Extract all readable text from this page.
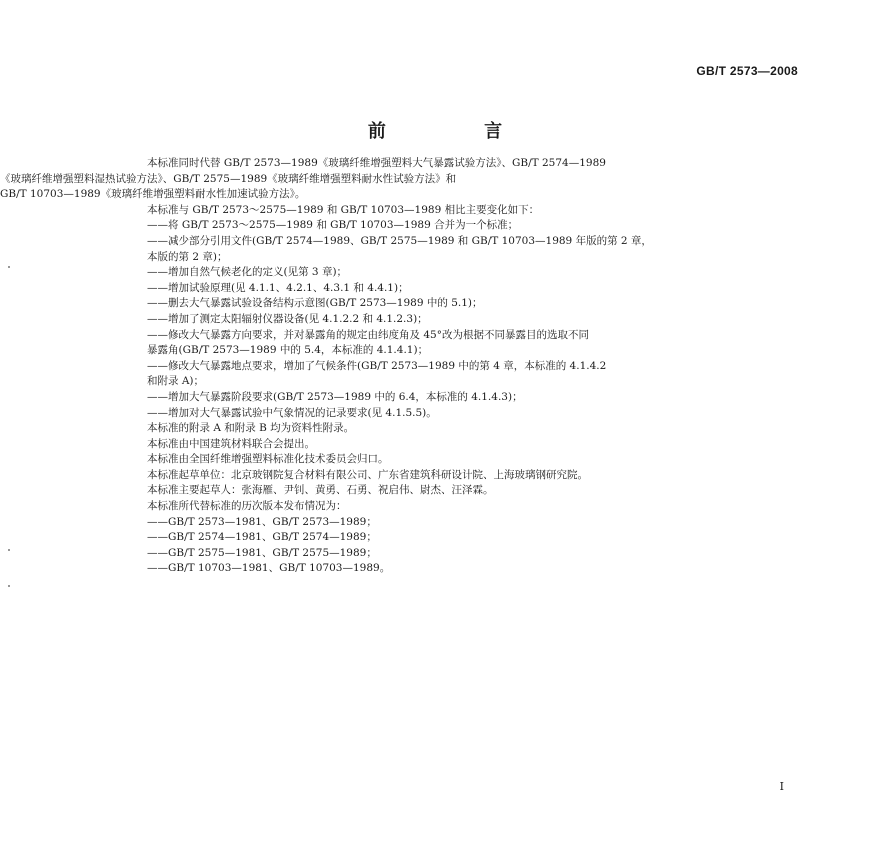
GB/T 2573—2008
前 言

本标准同时代替 GB/T 2573—1989《玻璃纤维增强塑料大气暴露试验方法》、GB/T 2574—1989

《玻璃纤维增强塑料湿热试验方法》、GB/T 2575—1989《玻璃纤维增强塑料耐水性试验方法》和

GB/T 10703—1989《玻璃纤维增强塑料耐水性加速试验方法》。

本标准与 GB/T 2573～2575—1989 和 GB/T 10703—1989 相比主要变化如下：

——将 GB/T 2573～2575—1989 和 GB/T 10703—1989 合并为一个标准；

——减少部分引用文件(GB/T 2574—1989、GB/T 2575—1989 和 GB/T 10703—1989 年版的第 2 章，

本版的第 2 章)；

——增加自然气候老化的定义(见第 3 章)；

——增加试验原理(见 4.1.1、4.2.1、4.3.1 和 4.4.1)；

——删去大气暴露试验设备结构示意图(GB/T 2573—1989 中的 5.1)；

——增加了测定太阳辐射仪器设备(见 4.1.2.2 和 4.1.2.3)；

——修改大气暴露方向要求，并对暴露角的规定由纬度角及 45°改为根据不同暴露目的选取不同

暴露角(GB/T 2573—1989 中的 5.4，本标准的 4.1.4.1)；

——修改大气暴露地点要求，增加了气候条件(GB/T 2573—1989 中的第 4 章，本标准的 4.1.4.2

和附录 A)；

——增加大气暴露阶段要求(GB/T 2573—1989 中的 6.4，本标准的 4.1.4.3)；

——增加对大气暴露试验中气象情况的记录要求(见 4.1.5.5)。

本标准的附录 A 和附录 B 均为资料性附录。

本标准由中国建筑材料联合会提出。

本标准由全国纤维增强塑料标准化技术委员会归口。

本标准起草单位：北京玻钢院复合材料有限公司、广东省建筑科研设计院、上海玻璃钢研究院。

本标准主要起草人：张海雁、尹钊、黄勇、石勇、祝启伟、尉杰、汪泽霖。

本标准所代替标准的历次版本发布情况为：

——GB/T 2573—1981、GB/T 2573—1989；

——GB/T 2574—1981、GB/T 2574—1989；

——GB/T 2575—1981、GB/T 2575—1989；

——GB/T 10703—1981、GB/T 10703—1989。

I
